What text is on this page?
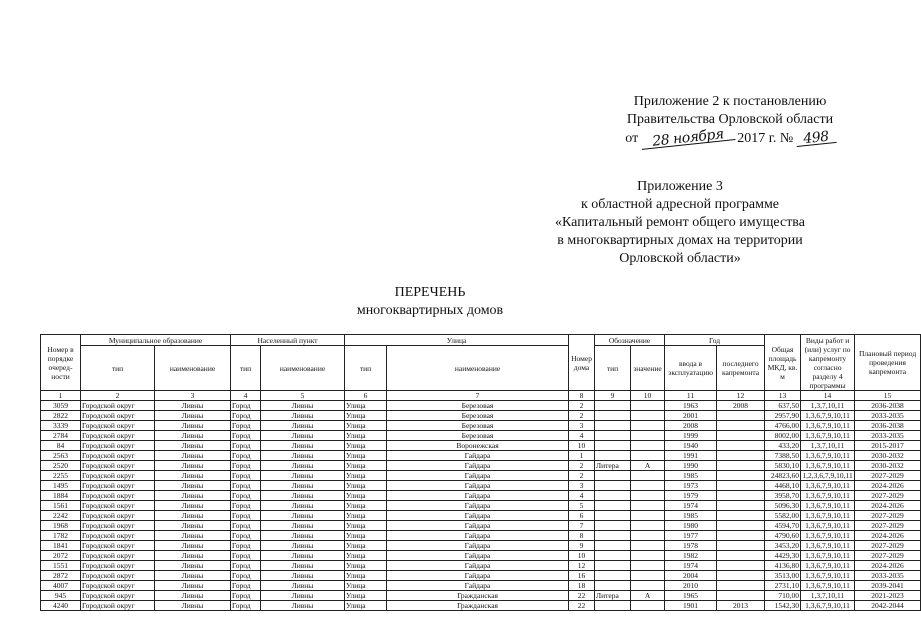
Приложение 2 к постановлению
Правительства Орловской области
от 28 ноября 2017 г. № 498
Приложение 3
к областной адресной программе
«Капитальный ремонт общего имущества
в многоквартирных домах на территории
Орловской области»
ПЕРЕЧЕНЬ
многоквартирных домов
Номер в порядке очеред- ности	Муниципальное образование		Населенный пункт		Улица		Номер дома	Обозначение		Год		Общая площадь МКД, кв. м	Виды работ и (или) услуг по капремонту согласно разделу 4 программы	Плановый период проведения капремонта
	тип	наименование	тип	наименование	тип	наименование		тип	значение	ввода в эксплуатацию	последнего капремонта			
1	2	3	4	5	6	7	8	9	10	11	12	13	14	15
3059	Городской округ	Ливны	Город	Ливны	Улица	Березовая	2			1963	2008	637,50	1,3,7,10,11	2036-2038
2822	Городской округ	Ливны	Город	Ливны	Улица	Березовая	2			2001		2957,90	1,3,6,7,9,10,11	2033-2035
3339	Городской округ	Ливны	Город	Ливны	Улица	Березовая	3			2008		4766,00	1,3,6,7,9,10,11	2036-2038
2784	Городской округ	Ливны	Город	Ливны	Улица	Березовая	4			1999		8002,00	1,3,6,7,9,10,11	2033-2035
84	Городской округ	Ливны	Город	Ливны	Улица	Воронежская	10			1940		433,20	1,3,7,10,11	2015-2017
2563	Городской округ	Ливны	Город	Ливны	Улица	Гайдара	1			1991		7388,50	1,3,6,7,9,10,11	2030-2032
2520	Городской округ	Ливны	Город	Ливны	Улица	Гайдара	2	Литера	А	1990		5830,10	1,3,6,7,9,10,11	2030-2032
2255	Городской округ	Ливны	Город	Ливны	Улица	Гайдара	2			1985		24823,60	1,2,3,6,7,9,10,11	2027-2029
1495	Городской округ	Ливны	Город	Ливны	Улица	Гайдара	3			1973		4468,10	1,3,6,7,9,10,11	2024-2026
1884	Городской округ	Ливны	Город	Ливны	Улица	Гайдара	4			1979		3958,70	1,3,6,7,9,10,11	2027-2029
1561	Городской округ	Ливны	Город	Ливны	Улица	Гайдара	5			1974		5096,30	1,3,6,7,9,10,11	2024-2026
2242	Городской округ	Ливны	Город	Ливны	Улица	Гайдара	6			1985		5582,00	1,3,6,7,9,10,11	2027-2029
1968	Городской округ	Ливны	Город	Ливны	Улица	Гайдара	7			1980		4594,70	1,3,6,7,9,10,11	2027-2029
1782	Городской округ	Ливны	Город	Ливны	Улица	Гайдара	8			1977		4790,60	1,3,6,7,9,10,11	2024-2026
1841	Городской округ	Ливны	Город	Ливны	Улица	Гайдара	9			1978		3453,20	1,3,6,7,9,10,11	2027-2029
2072	Городской округ	Ливны	Город	Ливны	Улица	Гайдара	10			1982		4429,30	1,3,6,7,9,10,11	2027-2029
1551	Городской округ	Ливны	Город	Ливны	Улица	Гайдара	12			1974		4136,80	1,3,6,7,9,10,11	2024-2026
2872	Городской округ	Ливны	Город	Ливны	Улица	Гайдара	16			2004		3513,00	1,3,6,7,9,10,11	2033-2035
4007	Городской округ	Ливны	Город	Ливны	Улица	Гайдара	18			2010		2731,10	1,3,6,7,9,10,11	2039-2041
945	Городской округ	Ливны	Город	Ливны	Улица	Гражданская	22	Литера	А	1965		710,00	1,3,7,10,11	2021-2023
4240	Городской округ	Ливны	Город	Ливны	Улица	Гражданская	22			1901	2013	1542,30	1,3,6,7,9,10,11	2042-2044
